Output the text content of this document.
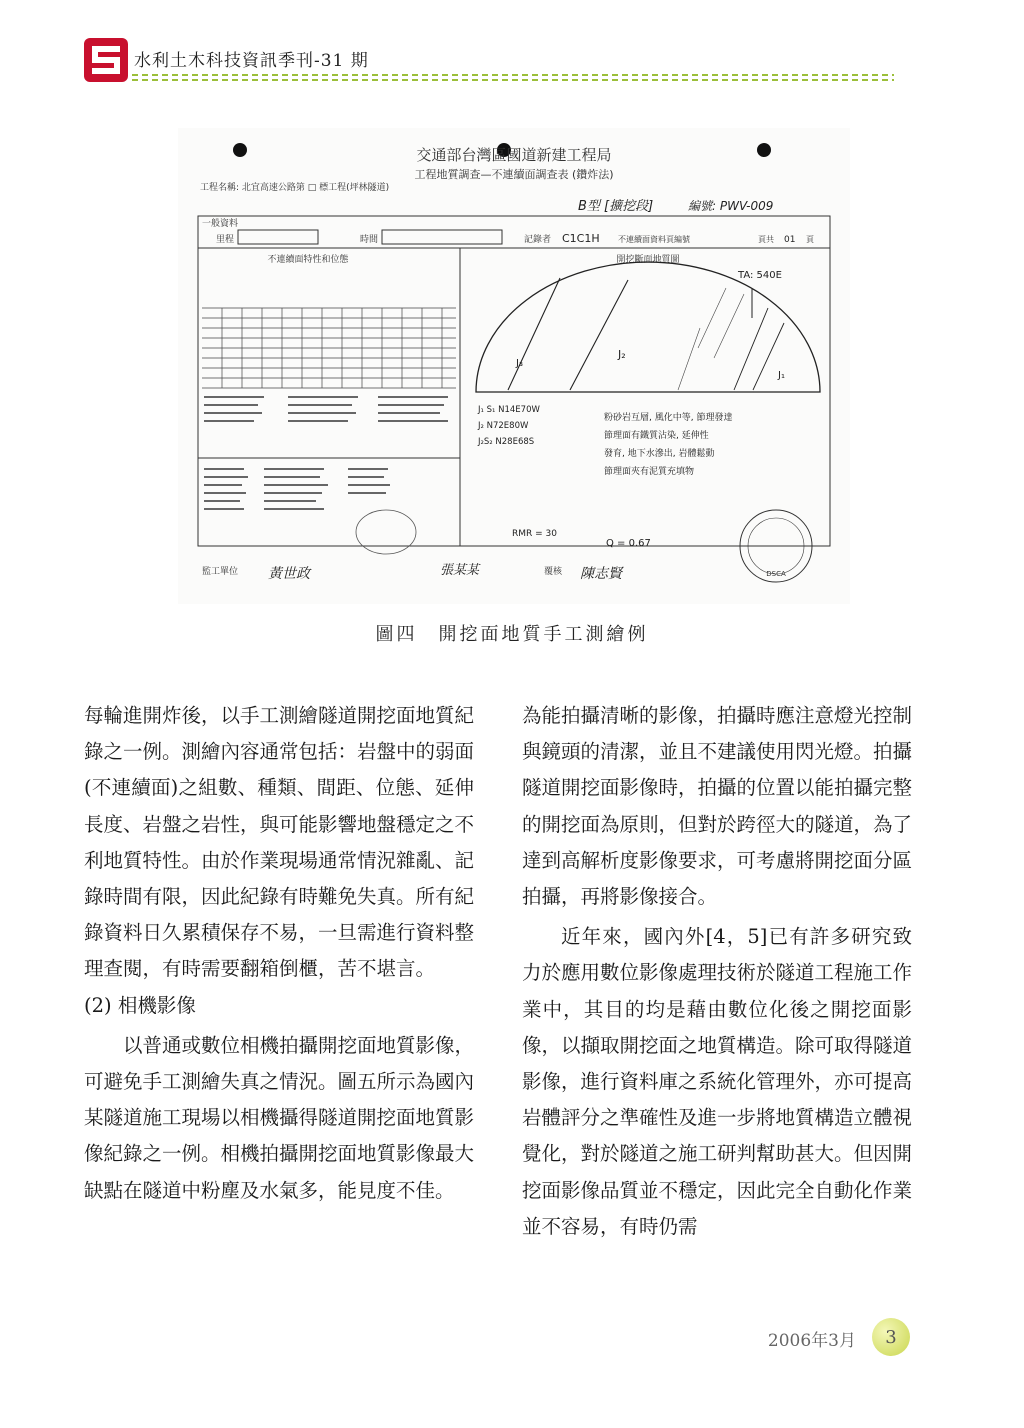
水利土木科技資訊季刊-31 期
交通部台灣區國道新建工程局
工程地質調查—不連續面調查表 (鑽炸法)
工程名稱: 北宜高速公路第 □ 標工程(坪林隧道)
B型 [擴挖段]	編號: PWV-009
一般資料
里程	時間	記錄者 C1C1H 不連續面資料頁編號	頁共 01 頁
不連續面特性和位態	開挖斷面地質圖
J₃
J₂
J₁
TA: 540E
J₁ S₁ N14E70W
J₂ N72E80W
J₂S₂ N28E68S
粉砂岩互層, 風化中等, 節理發達
節理面有鐵質沾染, 延伸性
發育, 地下水滲出, 岩體鬆動
節理面夾有泥質充填物
RMR = 30
Q = 0.67
DSCA
監工單位 黃世政	張某某	覆核 陳志賢
圖四　開挖面地質手工測繪例

每輪進開炸後，以手工測繪隧道開挖面地質紀錄之一例。測繪內容通常包括：岩盤中的弱面(不連續面)之組數、種類、間距、位態、延伸長度、岩盤之岩性，與可能影響地盤穩定之不利地質特性。由於作業現場通常情況雜亂、記錄時間有限，因此紀錄有時難免失真。所有紀錄資料日久累積保存不易，一旦需進行資料整理查閱，有時需要翻箱倒櫃，苦不堪言。

(2) 相機影像

以普通或數位相機拍攝開挖面地質影像，可避免手工測繪失真之情況。圖五所示為國內某隧道施工現場以相機攝得隧道開挖面地質影像紀錄之一例。相機拍攝開挖面地質影像最大缺點在隧道中粉塵及水氣多，能見度不佳。

為能拍攝清晰的影像，拍攝時應注意燈光控制與鏡頭的清潔，並且不建議使用閃光燈。拍攝隧道開挖面影像時，拍攝的位置以能拍攝完整的開挖面為原則，但對於跨徑大的隧道，為了達到高解析度影像要求，可考慮將開挖面分區拍攝，再將影像接合。

近年來，國內外[4，5]已有許多研究致力於應用數位影像處理技術於隧道工程施工作業中，其目的均是藉由數位化後之開挖面影像，以擷取開挖面之地質構造。除可取得隧道影像，進行資料庫之系統化管理外，亦可提高岩體評分之準確性及進一步將地質構造立體視覺化，對於隧道之施工研判幫助甚大。但因開挖面影像品質並不穩定，因此完全自動化作業並不容易，有時仍需

2006年3月 3
